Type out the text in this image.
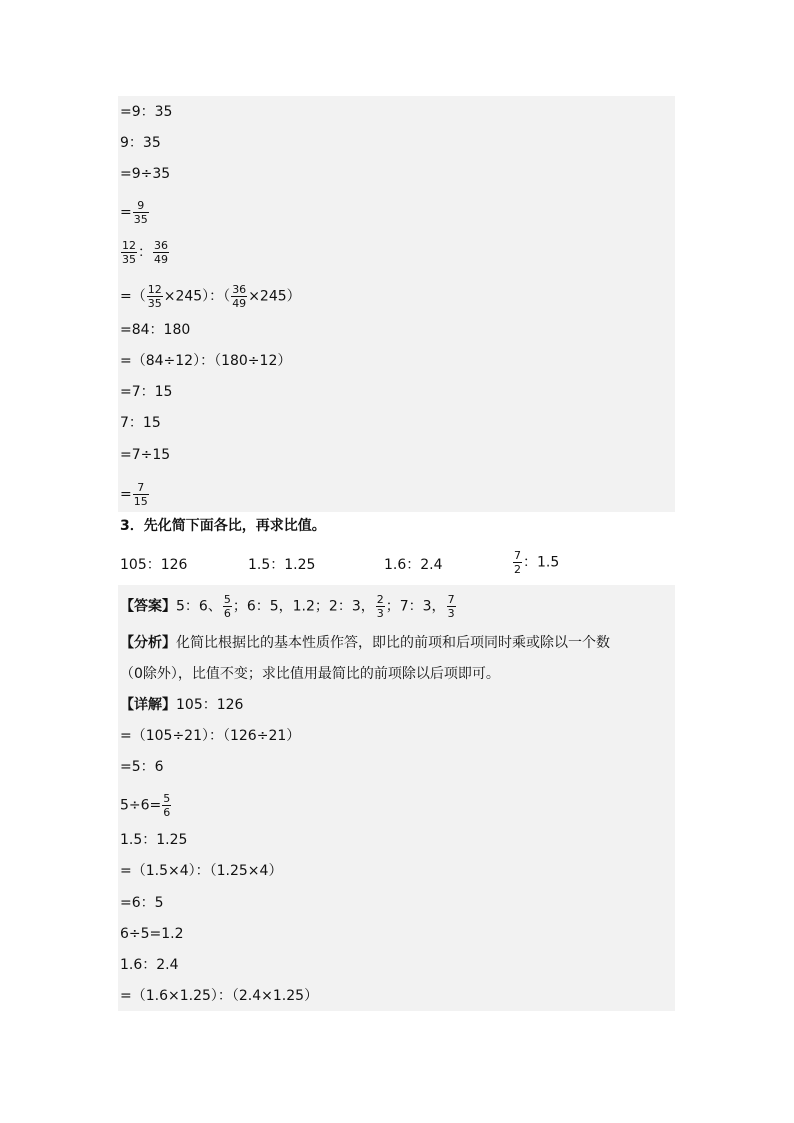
=9：35
9：35
=9÷35
= $\frac{9}{35}$
$\frac{12}{35}$ ： $\frac{36}{49}$
=（ $\frac{12}{35} \times 245$）：（ $\frac{36}{49} \times 245$）
=84：180
=（84÷12）：（180÷12）
=7：15
7：15
=7÷15
= $\frac{7}{15}$
3．先化简下面各比，再求比值。
105：126	1.5：1.25	1.6：2.4	$\frac{7}{2}$ ：1.5
【答案】5：6、 $\frac{5}{6}$ ；6：5，1.2；2：3， $\frac{2}{3}$ ；7：3， $\frac{7}{3}$
【分析】化简比根据比的基本性质作答，即比的前项和后项同时乘或除以一个数
（0除外），比值不变；求比值用最简比的前项除以后项即可。
【详解】105：126
=（105÷21）：（126÷21）
=5：6
$5\div 6= \frac{5}{6}$
1.5：1.25
=（1.5×4）：（1.25×4）
=6：5
6÷5=1.2
1.6：2.4
=（1.6×1.25）：（2.4×1.25）
